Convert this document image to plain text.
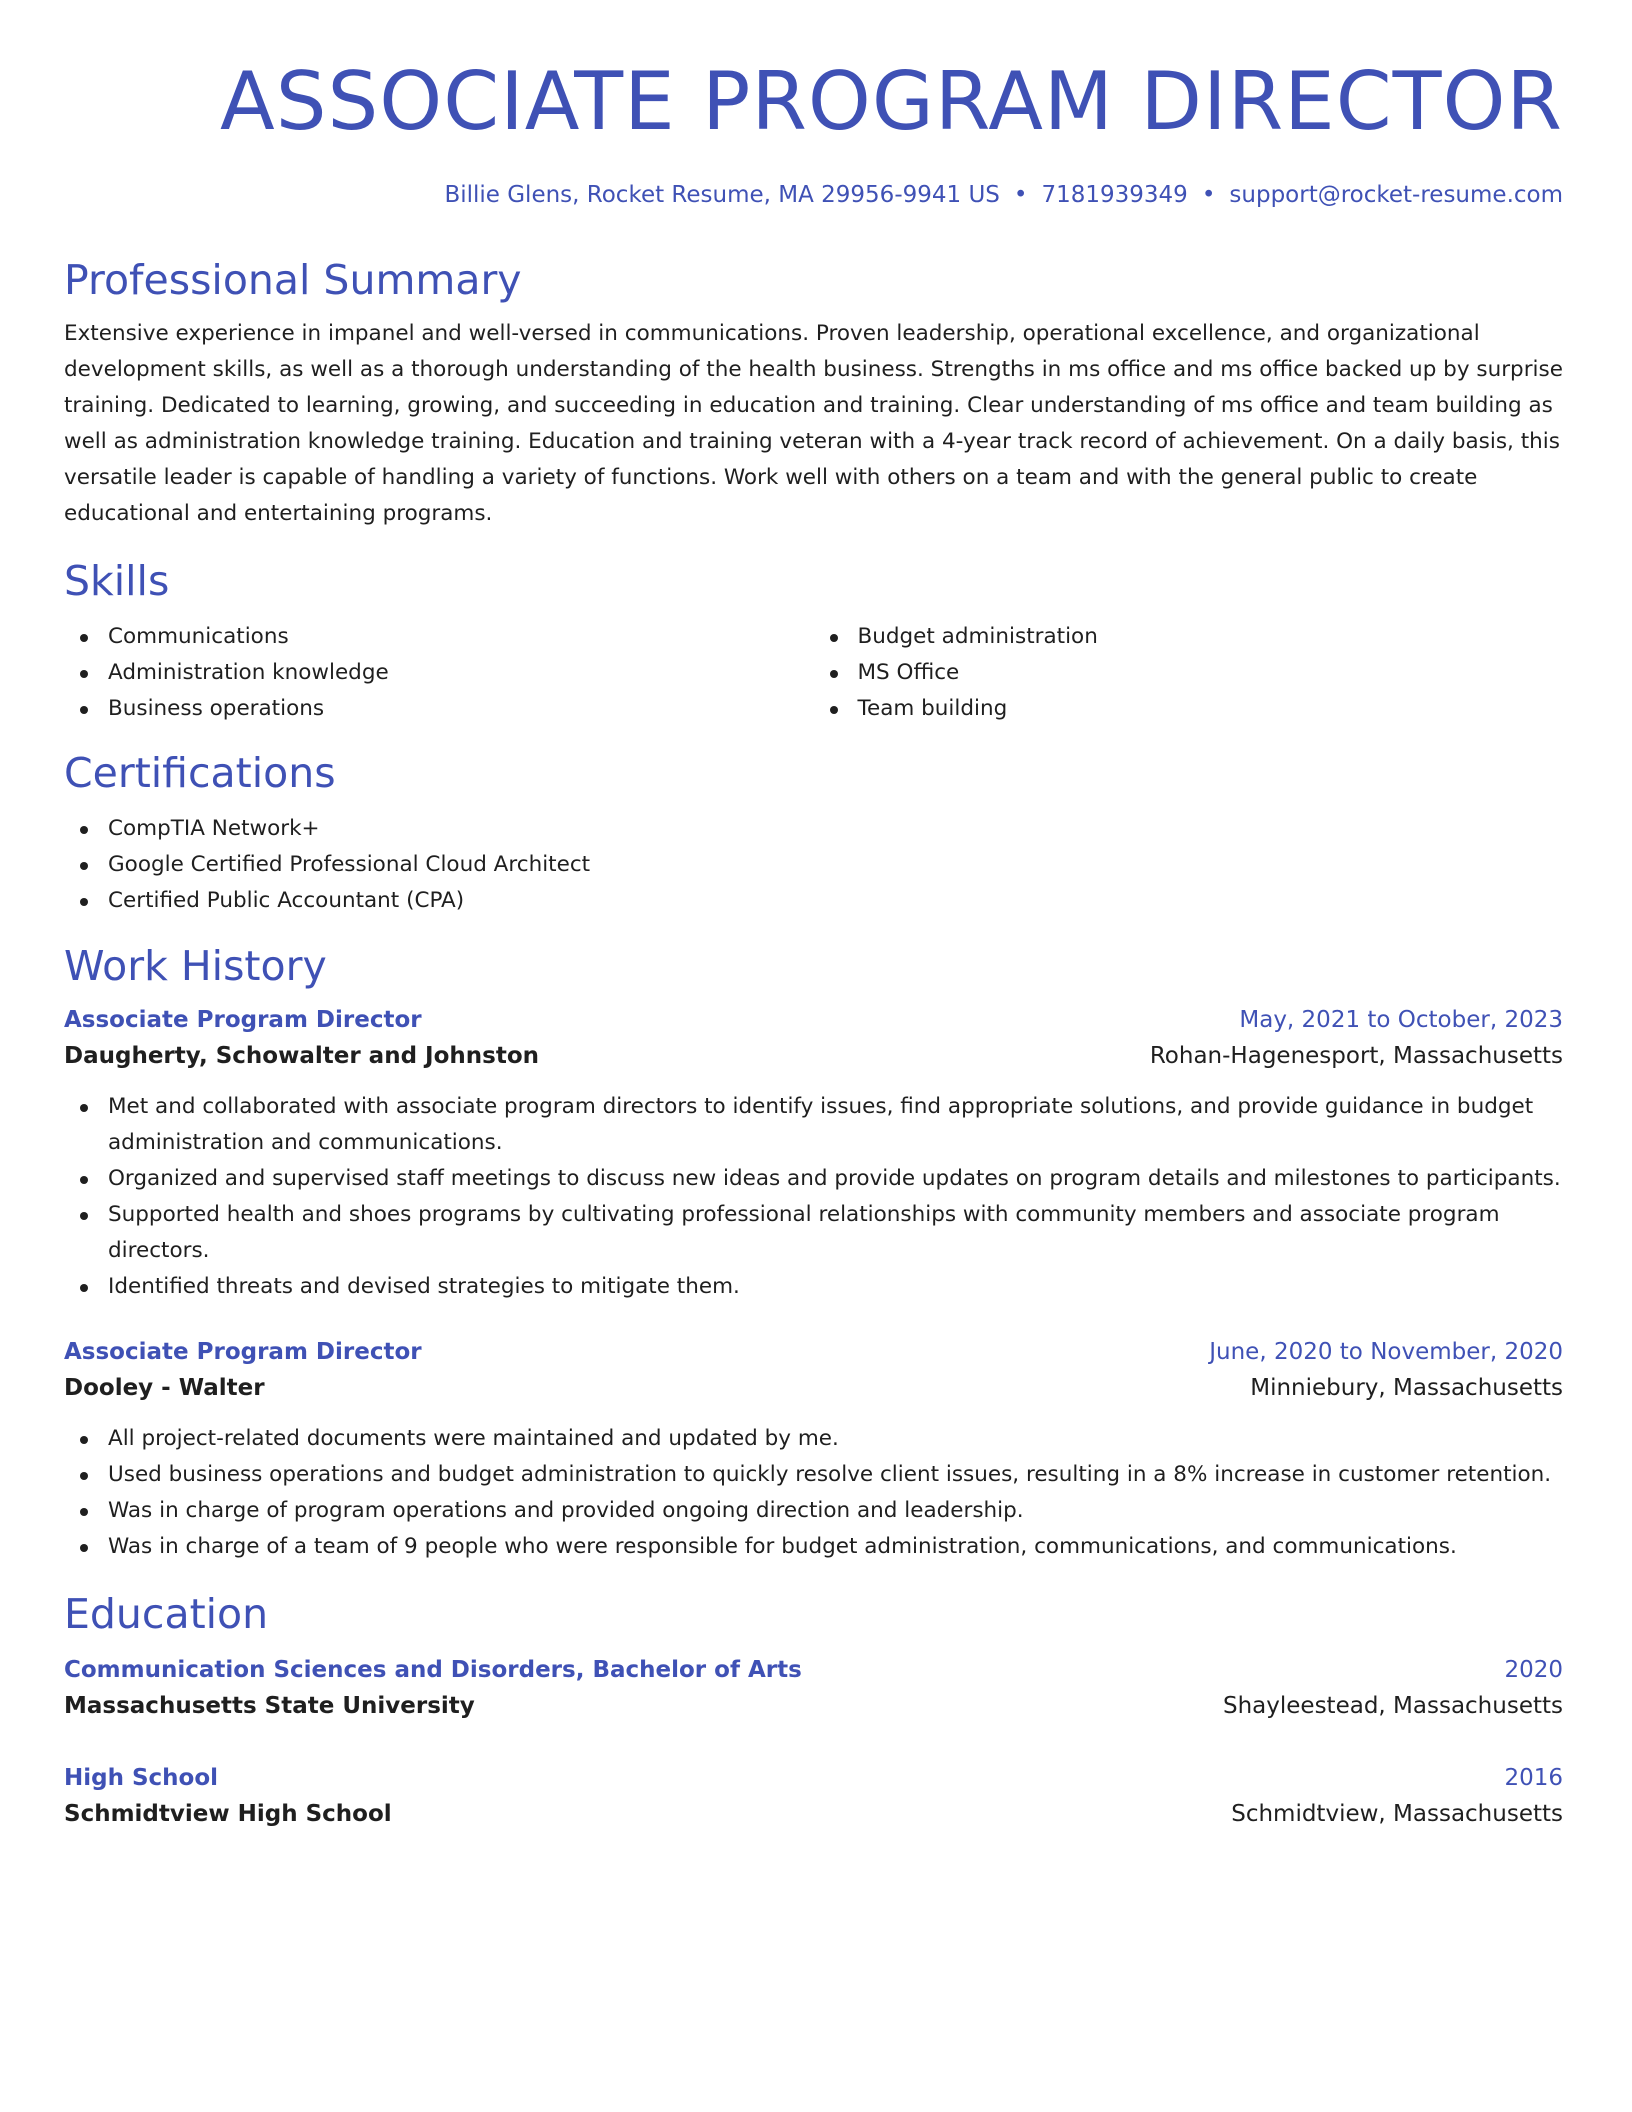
ASSOCIATE PROGRAM DIRECTOR
Billie Glens, Rocket Resume, MA 29956-9941 US • 7181939349 • support@rocket-resume.com
Professional Summary

Extensive experience in impanel and well-versed in communications. Proven leadership, operational excellence, and organizational development skills, as well as a thorough understanding of the health business. Strengths in ms office and ms office backed up by surprise training. Dedicated to learning, growing, and succeeding in education and training. Clear understanding of ms office and team building as well as administration knowledge training. Education and training veteran with a 4-year track record of achievement. On a daily basis, this versatile leader is capable of handling a variety of functions. Work well with others on a team and with the general public to create educational and entertaining programs.

Skills
Communications
Administration knowledge
Business operations
Budget administration
MS Office
Team building
Certifications
CompTIA Network+
Google Certified Professional Cloud Architect
Certified Public Accountant (CPA)
Work History
Associate Program Director	May, 2021 to October, 2023
Daugherty, Schowalter and Johnston	Rohan-Hagenesport, Massachusetts
Met and collaborated with associate program directors to identify issues, find appropriate solutions, and provide guidance in budget administration and communications.
Organized and supervised staff meetings to discuss new ideas and provide updates on program details and milestones to participants.
Supported health and shoes programs by cultivating professional relationships with community members and associate program directors.
Identified threats and devised strategies to mitigate them.
Associate Program Director	June, 2020 to November, 2020
Dooley - Walter	Minniebury, Massachusetts
All project-related documents were maintained and updated by me.
Used business operations and budget administration to quickly resolve client issues, resulting in a 8% increase in customer retention.
Was in charge of program operations and provided ongoing direction and leadership.
Was in charge of a team of 9 people who were responsible for budget administration, communications, and communications.
Education
Communication Sciences and Disorders, Bachelor of Arts	2020
Massachusetts State University	Shayleestead, Massachusetts
High School	2016
Schmidtview High School	Schmidtview, Massachusetts
